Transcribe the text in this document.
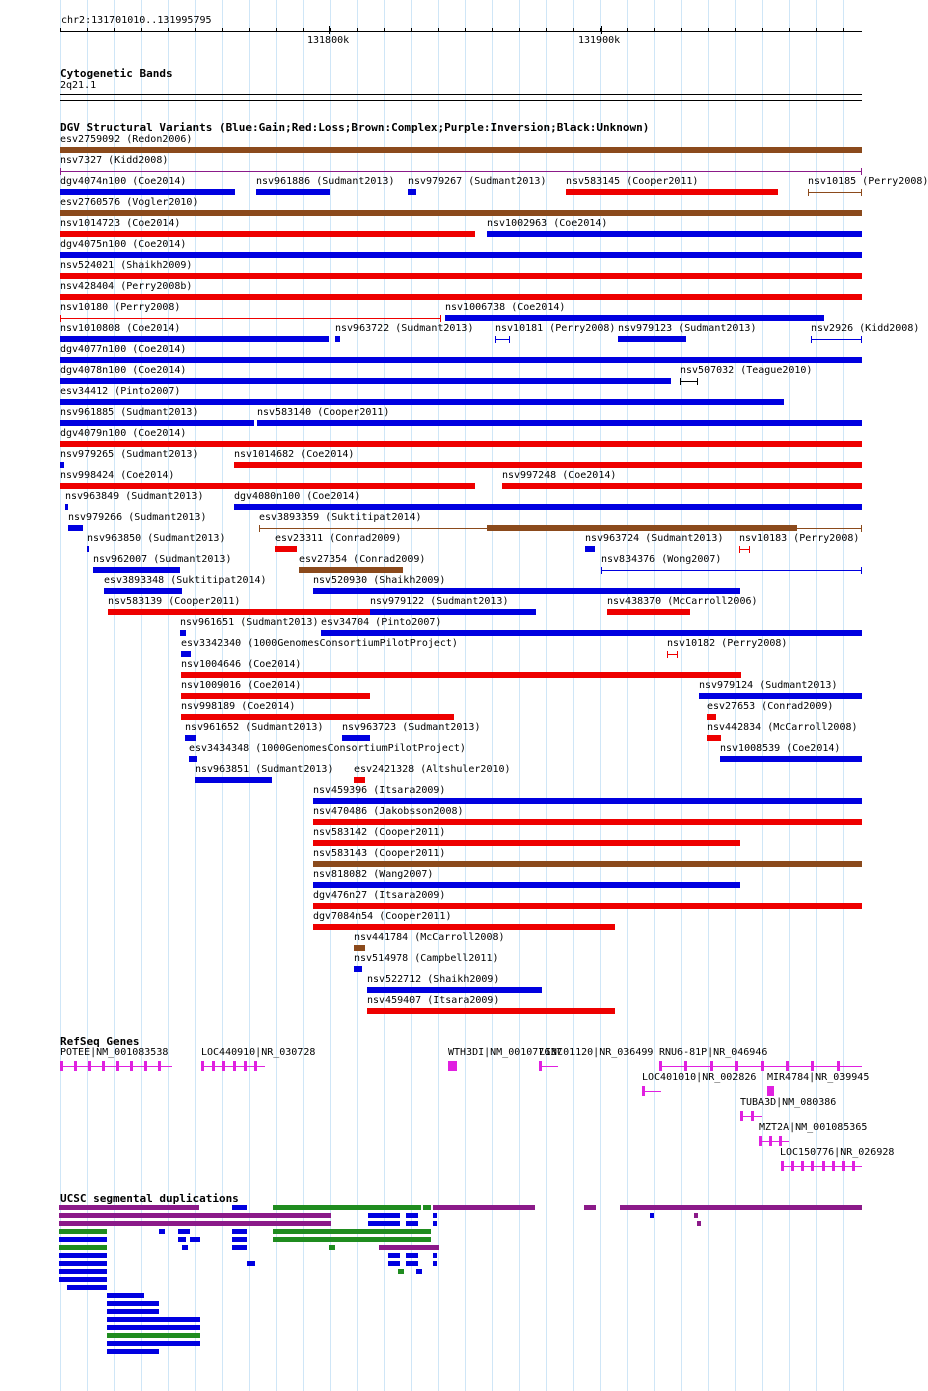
chr2:131701010..131995795
131800k	131900k
Cytogenetic Bands
2q21.1
DGV Structural Variants (Blue:Gain;Red:Loss;Brown:Complex;Purple:Inversion;Black:Unknown)
esv2759092 (Redon2006)
nsv7327 (Kidd2008)
dgv4074n100 (Coe2014)	nsv961886 (Sudmant2013) nsv979267 (Sudmant2013) nsv583145 (Cooper2011)	nsv10185 (Perry2008)
esv2760576 (Vogler2010)
nsv1014723 (Coe2014)	nsv1002963 (Coe2014)
dgv4075n100 (Coe2014)
nsv524021 (Shaikh2009)
nsv428404 (Perry2008b)
nsv10180 (Perry2008)	nsv1006738 (Coe2014)
nsv1010808 (Coe2014)	nsv963722 (Sudmant2013) nsv10181 (Perry2008) nsv979123 (Sudmant2013)	nsv2926 (Kidd2008)
dgv4077n100 (Coe2014)
dgv4078n100 (Coe2014)	nsv507032 (Teague2010)
esv34412 (Pinto2007)
nsv961885 (Sudmant2013)	nsv583140 (Cooper2011)
dgv4079n100 (Coe2014)
nsv979265 (Sudmant2013)	nsv1014682 (Coe2014)
nsv998424 (Coe2014)	nsv997248 (Coe2014)
nsv963849 (Sudmant2013)	dgv4080n100 (Coe2014)
nsv979266 (Sudmant2013)	esv3893359 (Suktitipat2014)
nsv963850 (Sudmant2013)	esv23311 (Conrad2009)	nsv963724 (Sudmant2013) nsv10183 (Perry2008)
nsv962007 (Sudmant2013)	esv27354 (Conrad2009)	nsv834376 (Wong2007)
esv3893348 (Suktitipat2014)	nsv520930 (Shaikh2009)
nsv583139 (Cooper2011)	nsv979122 (Sudmant2013)	nsv438370 (McCarroll2006)
nsv961651 (Sudmant2013) esv34704 (Pinto2007)
esv3342340 (1000GenomesConsortiumPilotProject)	nsv10182 (Perry2008)
nsv1004646 (Coe2014)
nsv1009016 (Coe2014)	nsv979124 (Sudmant2013)
nsv998189 (Coe2014)	esv27653 (Conrad2009)
nsv961652 (Sudmant2013) nsv963723 (Sudmant2013)	nsv442834 (McCarroll2008)
esv3434348 (1000GenomesConsortiumPilotProject)	nsv1008539 (Coe2014)
nsv963851 (Sudmant2013) esv2421328 (Altshuler2010)
nsv459396 (Itsara2009)
nsv470486 (Jakobsson2008)
nsv583142 (Cooper2011)
nsv583143 (Cooper2011)
nsv818082 (Wang2007)
dgv476n27 (Itsara2009)
dgv7084n54 (Cooper2011)
nsv441784 (McCarroll2008)
nsv514978 (Campbell2011)
nsv522712 (Shaikh2009)
nsv459407 (Itsara2009)
RefSeq Genes
POTEE|NM_001083538	LOC440910|NR_030728	WTH3DI|NM_001077637
LINC01120|NR_036499 RNU6-81P|NR_046946
LOC401010|NR_002826 MIR4784|NR_039945
TUBA3D|NM_080386
MZT2A|NM_001085365
LOC150776|NR_026928
UCSC segmental duplications
